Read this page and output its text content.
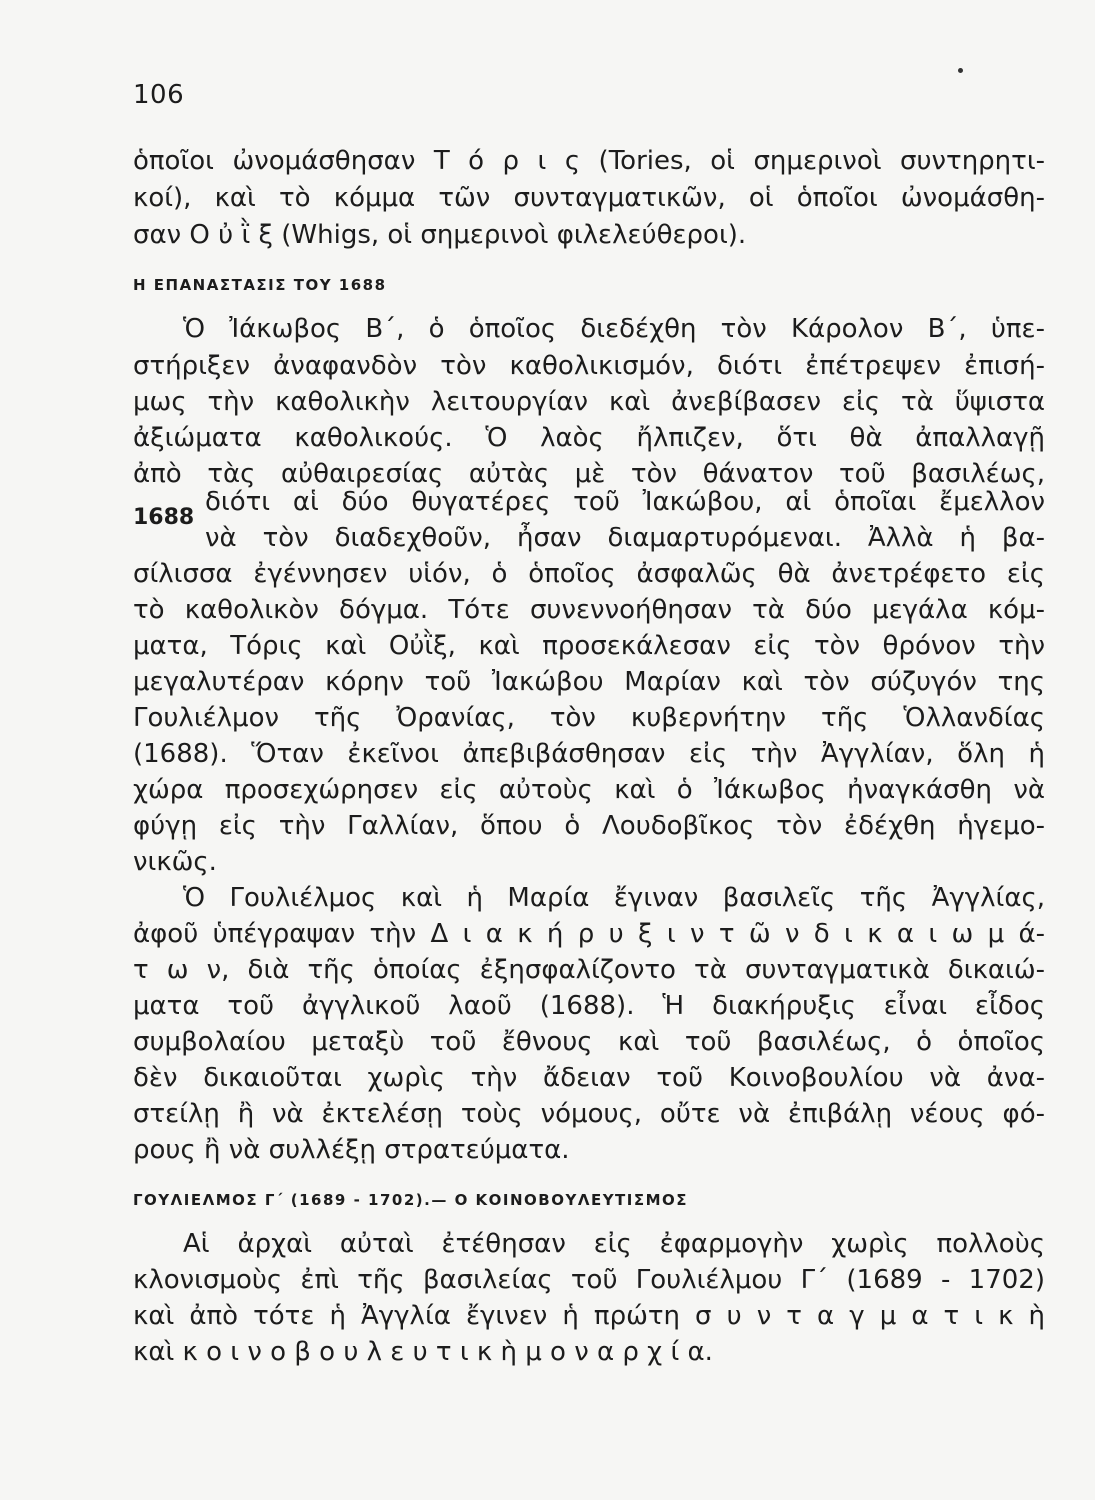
106
ὁποῖοι ὠνομάσθησαν Τ ό ρ ι ς (Tories, οἱ σημερινοὶ συντηρητι-
κοί), καὶ τὸ κόμμα τῶν συνταγματικῶν, οἱ ὁποῖοι ὠνομάσθη-
σαν Ο ὐ ῒ ξ (Whigs, οἱ σημερινοὶ φιλελεύθεροι).
Η ΕΠΑΝΑΣΤΑΣΙΣ ΤΟΥ 1688
Ὁ Ἰάκωβος Β΄, ὁ ὁποῖος διεδέχθη τὸν Κάρολον Β΄, ὑπε-
στήριξεν ἀναφανδὸν τὸν καθολικισμόν, διότι ἐπέτρεψεν ἐπισή-
μως τὴν καθολικὴν λειτουργίαν καὶ ἀνεβίβασεν εἰς τὰ ὕψιστα
ἀξιώματα καθολικούς. Ὁ λαὸς ἤλπιζεν, ὅτι θὰ ἀπαλλαγῇ
ἀπὸ τὰς αὐθαιρεσίας αὐτὰς μὲ τὸν θάνατον τοῦ βασιλέως,
1688
διότι αἱ δύο θυγατέρες τοῦ Ἰακώβου, αἱ ὁποῖαι ἔμελλον
νὰ τὸν διαδεχθοῦν, ἦσαν διαμαρτυρόμεναι. Ἀλλὰ ἡ βα-
σίλισσα ἐγέννησεν υἱόν, ὁ ὁποῖος ἀσφαλῶς θὰ ἀνετρέφετο εἰς
τὸ καθολικὸν δόγμα. Τότε συνεννοήθησαν τὰ δύο μεγάλα κόμ-
ματα, Τόρις καὶ Οὐῒξ, καὶ προσεκάλεσαν εἰς τὸν θρόνον τὴν
μεγαλυτέραν κόρην τοῦ Ἰακώβου Μαρίαν καὶ τὸν σύζυγόν της
Γουλιέλμον τῆς Ὀρανίας, τὸν κυβερνήτην τῆς Ὁλλανδίας
(1688). Ὅταν ἐκεῖνοι ἀπεβιβάσθησαν εἰς τὴν Ἀγγλίαν, ὅλη ἡ
χώρα προσεχώρησεν εἰς αὐτοὺς καὶ ὁ Ἰάκωβος ἠναγκάσθη νὰ
φύγῃ εἰς τὴν Γαλλίαν, ὅπου ὁ Λουδοβῖκος τὸν ἐδέχθη ἡγεμο-
νικῶς.
Ὁ Γουλιέλμος καὶ ἡ Μαρία ἔγιναν βασιλεῖς τῆς Ἀγγλίας,
ἀφοῦ ὑπέγραψαν τὴν Δ ι α κ ή ρ υ ξ ι ν τ ῶ ν δ ι κ α ι ω μ ά-
τ ω ν, διὰ τῆς ὁποίας ἐξησφαλίζοντο τὰ συνταγματικὰ δικαιώ-
ματα τοῦ ἀγγλικοῦ λαοῦ (1688). Ἡ διακήρυξις εἶναι εἶδος
συμβολαίου μεταξὺ τοῦ ἔθνους καὶ τοῦ βασιλέως, ὁ ὁποῖος
δὲν δικαιοῦται χωρὶς τὴν ἄδειαν τοῦ Κοινοβουλίου νὰ ἀνα-
στείλῃ ἢ νὰ ἐκτελέσῃ τοὺς νόμους, οὔτε νὰ ἐπιβάλῃ νέους φό-
ρους ἢ νὰ συλλέξῃ στρατεύματα.
ΓΟΥΛΙΕΛΜΟΣ Γ΄ (1689 - 1702).— Ο ΚΟΙΝΟΒΟΥΛΕΥΤΙΣΜΟΣ
Αἱ ἀρχαὶ αὐταὶ ἐτέθησαν εἰς ἐφαρμογὴν χωρὶς πολλοὺς
κλονισμοὺς ἐπὶ τῆς βασιλείας τοῦ Γουλιέλμου Γ΄ (1689 - 1702)
καὶ ἀπὸ τότε ἡ Ἀγγλία ἔγινεν ἡ πρώτη σ υ ν τ α γ μ α τ ι κ ὴ
καὶ κ ο ι ν ο β ο υ λ ε υ τ ι κ ὴ μ ο ν α ρ χ ί α.
